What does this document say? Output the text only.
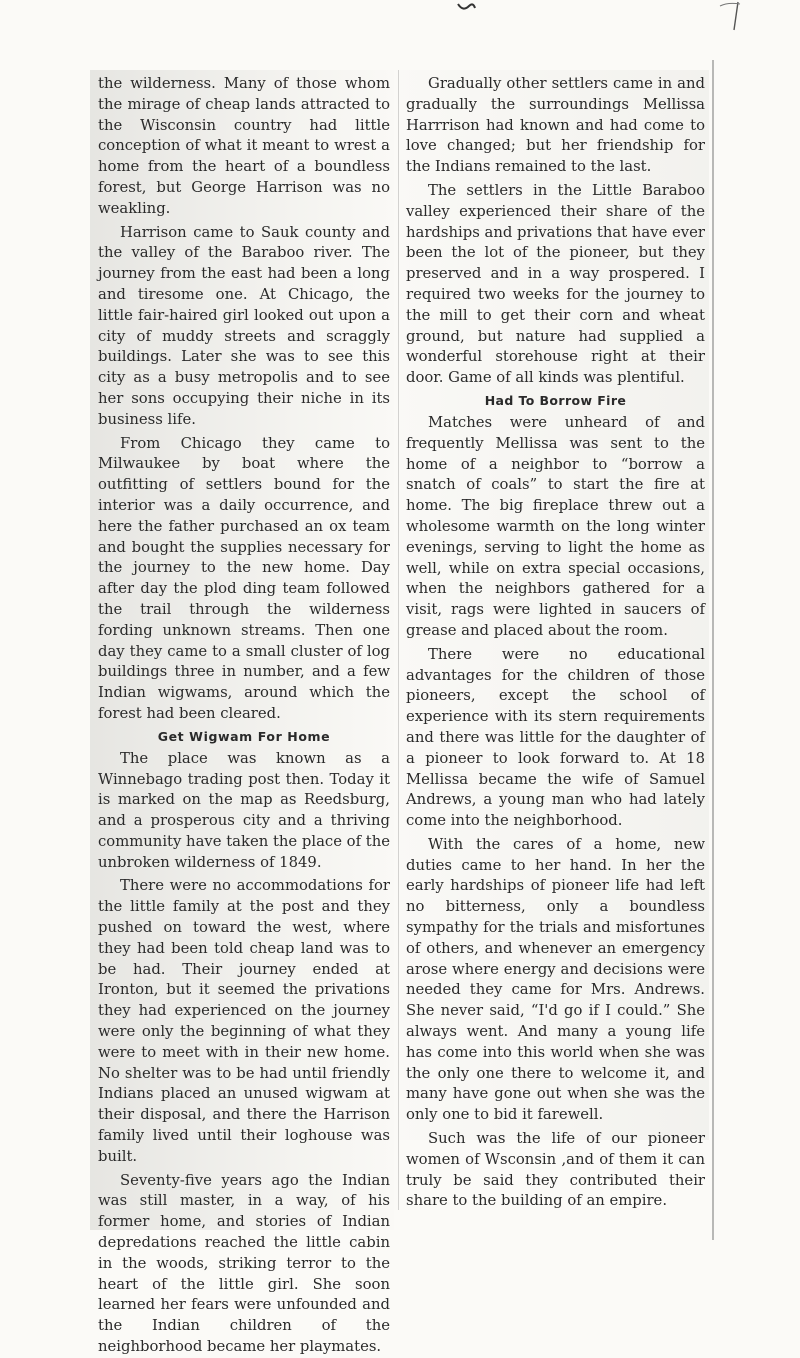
the wilderness. Many of those whom the mirage of cheap lands attracted to the Wisconsin country had little conception of what it meant to wrest a home from the heart of a boundless forest, but George Harrison was no weakling.

Harrison came to Sauk county and the valley of the Baraboo river. The journey from the east had been a long and tiresome one. At Chicago, the little fair-haired girl looked out upon a city of muddy streets and scraggly buildings. Later she was to see this city as a busy metropolis and to see her sons occupying their niche in its business life.

From Chicago they came to Milwaukee by boat where the outfitting of settlers bound for the interior was a daily occurrence, and here the father purchased an ox team and bought the supplies necessary for the journey to the new home. Day after day the plod ding team followed the trail through the wilderness fording unknown streams. Then one day they came to a small cluster of log buildings three in number, and a few Indian wigwams, around which the forest had been cleared.

Get Wigwam For Home

The place was known as a Winnebago trading post then. Today it is marked on the map as Reedsburg, and a prosperous city and a thriving community have taken the place of the unbroken wilderness of 1849.

There were no accommodations for the little family at the post and they pushed on toward the west, where they had been told cheap land was to be had. Their journey ended at Ironton, but it seemed the privations they had experienced on the journey were only the beginning of what they were to meet with in their new home. No shelter was to be had until friendly Indians placed an unused wigwam at their disposal, and there the Harrison family lived until their loghouse was built.

Seventy-five years ago the Indian was still master, in a way, of his former home, and stories of Indian depredations reached the little cabin in the woods, striking terror to the heart of the little girl. She soon learned her fears were unfounded and the Indian children of the neighborhood became her playmates.

Gradually other settlers came in and gradually the surroundings Mellissa Harrrison had known and had come to love changed; but her friendship for the Indians remained to the last.

The settlers in the Little Baraboo valley experienced their share of the hardships and privations that have ever been the lot of the pioneer, but they preserved and in a way prospered. I required two weeks for the journey to the mill to get their corn and wheat ground, but nature had supplied a wonderful storehouse right at their door. Game of all kinds was plentiful.

Had To Borrow Fire

Matches were unheard of and frequently Mellissa was sent to the home of a neighbor to “borrow a snatch of coals” to start the fire at home. The big fireplace threw out a wholesome warmth on the long winter evenings, serving to light the home as well, while on extra special occasions, when the neighbors gathered for a visit, rags were lighted in saucers of grease and placed about the room.

There were no educational advantages for the children of those pioneers, except the school of experience with its stern requirements and there was little for the daughter of a pioneer to look forward to. At 18 Mellissa became the wife of Samuel Andrews, a young man who had lately come into the neighborhood.

With the cares of a home, new duties came to her hand. In her the early hardships of pioneer life had left no bitterness, only a boundless sympathy for the trials and misfortunes of others, and whenever an emergency arose where energy and decisions were needed they came for Mrs. Andrews. She never said, “I'd go if I could.” She always went. And many a young life has come into this world when she was the only one there to welcome it, and many have gone out when she was the only one to bid it farewell.

Such was the life of our pioneer women of Wsconsin ,and of them it can truly be said they contributed their share to the building of an empire.
